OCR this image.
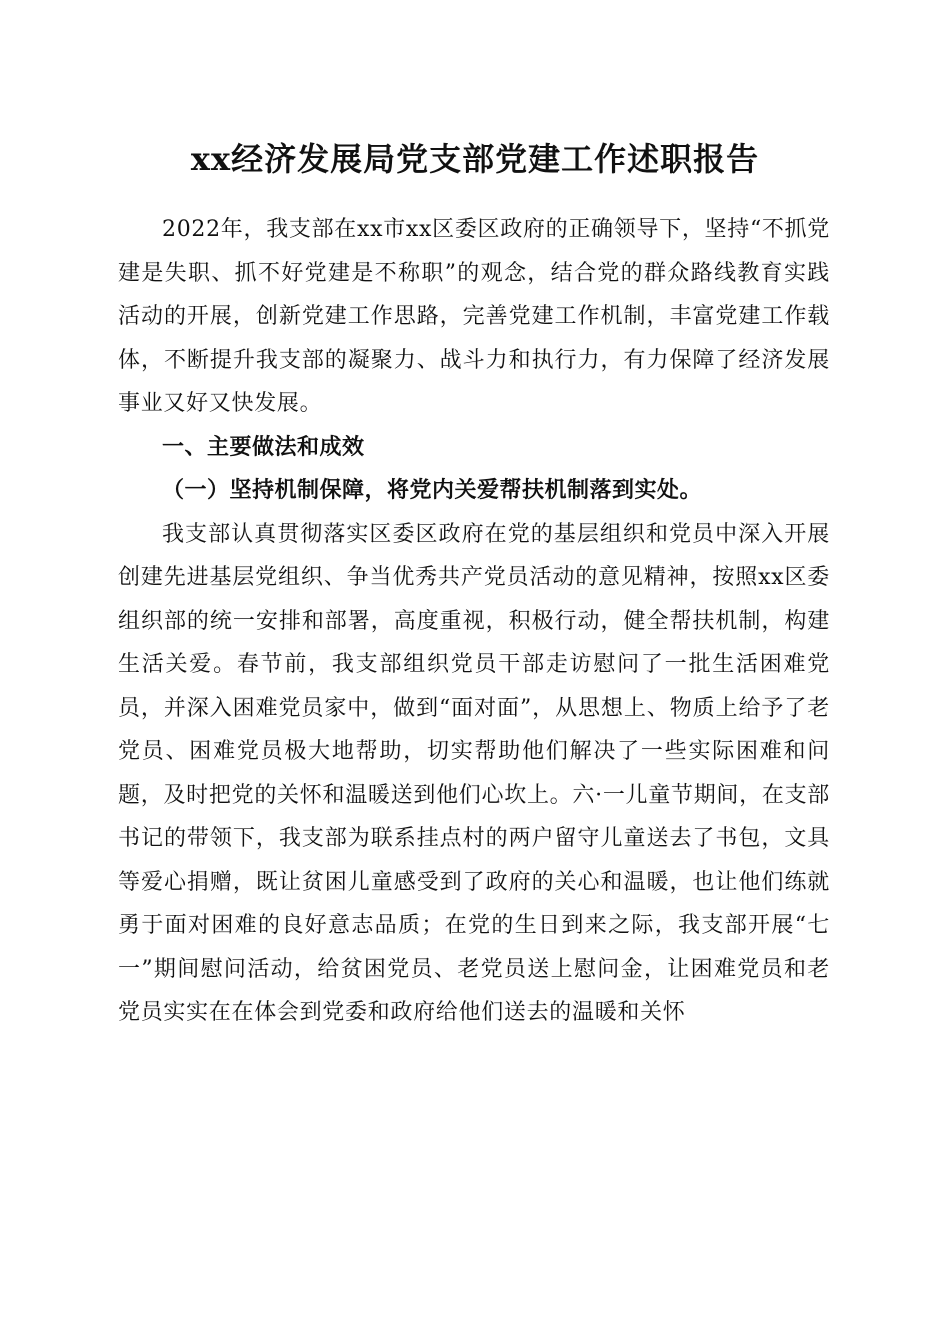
xx经济发展局党支部党建工作述职报告

2022年，我支部在xx市xx区委区政府的正确领导下，坚持“不抓党建是失职、抓不好党建是不称职”的观念，结合党的群众路线教育实践活动的开展，创新党建工作思路，完善党建工作机制，丰富党建工作载体，不断提升我支部的凝聚力、战斗力和执行力，有力保障了经济发展事业又好又快发展。

一、主要做法和成效

（一）坚持机制保障，将党内关爱帮扶机制落到实处。

我支部认真贯彻落实区委区政府在党的基层组织和党员中深入开展创建先进基层党组织、争当优秀共产党员活动的意见精神，按照xx区委组织部的统一安排和部署，高度重视，积极行动，健全帮扶机制，构建生活关爱。春节前，我支部组织党员干部走访慰问了一批生活困难党员，并深入困难党员家中，做到“面对面”，从思想上、物质上给予了老党员、困难党员极大地帮助，切实帮助他们解决了一些实际困难和问题，及时把党的关怀和温暖送到他们心坎上。六·一儿童节期间，在支部书记的带领下，我支部为联系挂点村的两户留守儿童送去了书包，文具等爱心捐赠，既让贫困儿童感受到了政府的关心和温暖，也让他们练就勇于面对困难的良好意志品质；在党的生日到来之际，我支部开展“七一”期间慰问活动，给贫困党员、老党员送上慰问金，让困难党员和老党员实实在在体会到党委和政府给他们送去的温暖和关怀
